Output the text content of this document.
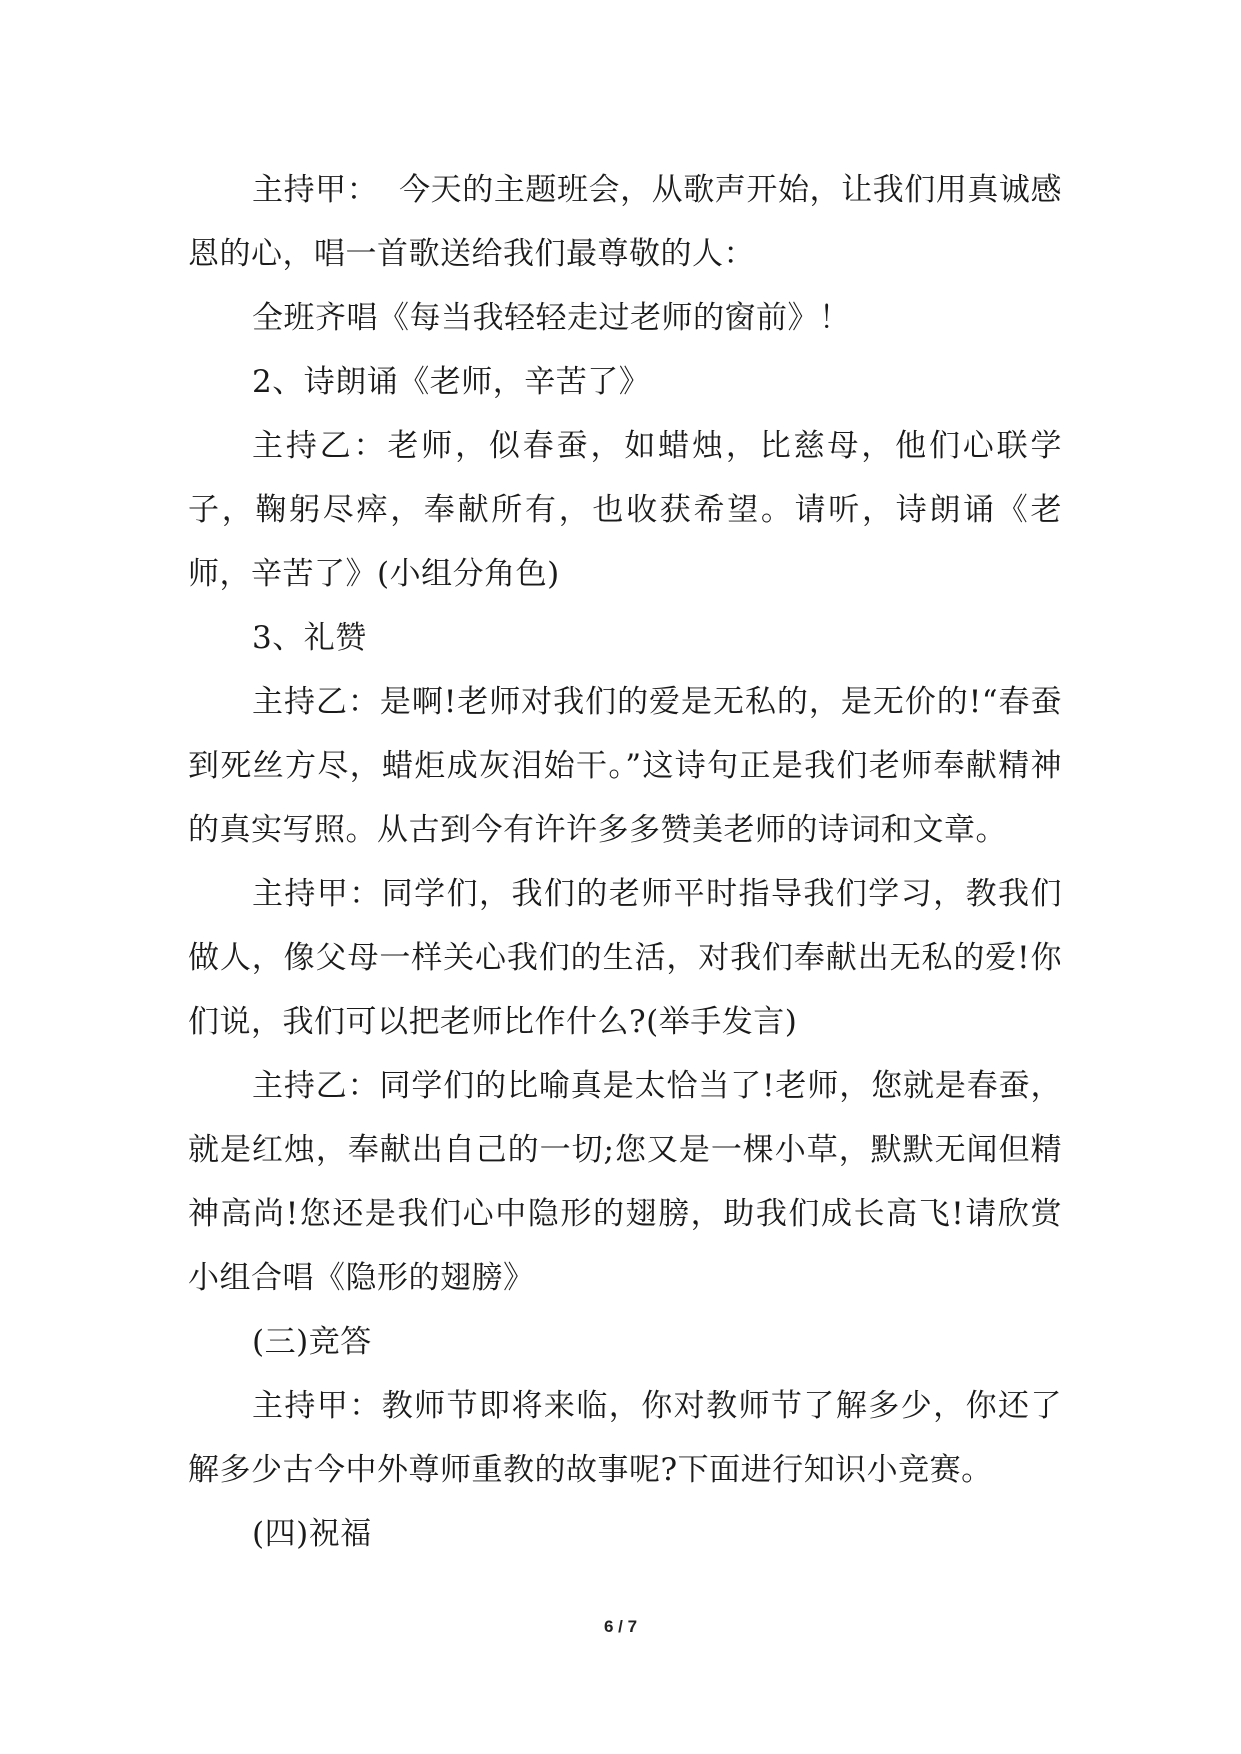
主持甲：  今天的主题班会，从歌声开始，让我们用真诚感恩的心，唱一首歌送给我们最尊敬的人：

全班齐唱《每当我轻轻走过老师的窗前》！

2、诗朗诵《老师，辛苦了》

主持乙：老师，似春蚕，如蜡烛，比慈母，他们心联学子，鞠躬尽瘁，奉献所有，也收获希望。请听，诗朗诵《老师，辛苦了》(小组分角色)

3、礼赞

主持乙：是啊!老师对我们的爱是无私的，是无价的!“春蚕到死丝方尽，蜡炬成灰泪始干。”这诗句正是我们老师奉献精神的真实写照。从古到今有许许多多赞美老师的诗词和文章。

主持甲：同学们，我们的老师平时指导我们学习，教我们做人，像父母一样关心我们的生活，对我们奉献出无私的爱!你们说，我们可以把老师比作什么?(举手发言)

主持乙：同学们的比喻真是太恰当了!老师，您就是春蚕，就是红烛，奉献出自己的一切;您又是一棵小草，默默无闻但精神高尚!您还是我们心中隐形的翅膀，助我们成长高飞!请欣赏小组合唱《隐形的翅膀》

(三)竞答

主持甲：教师节即将来临，你对教师节了解多少，你还了解多少古今中外尊师重教的故事呢?下面进行知识小竞赛。

(四)祝福

6 / 7
